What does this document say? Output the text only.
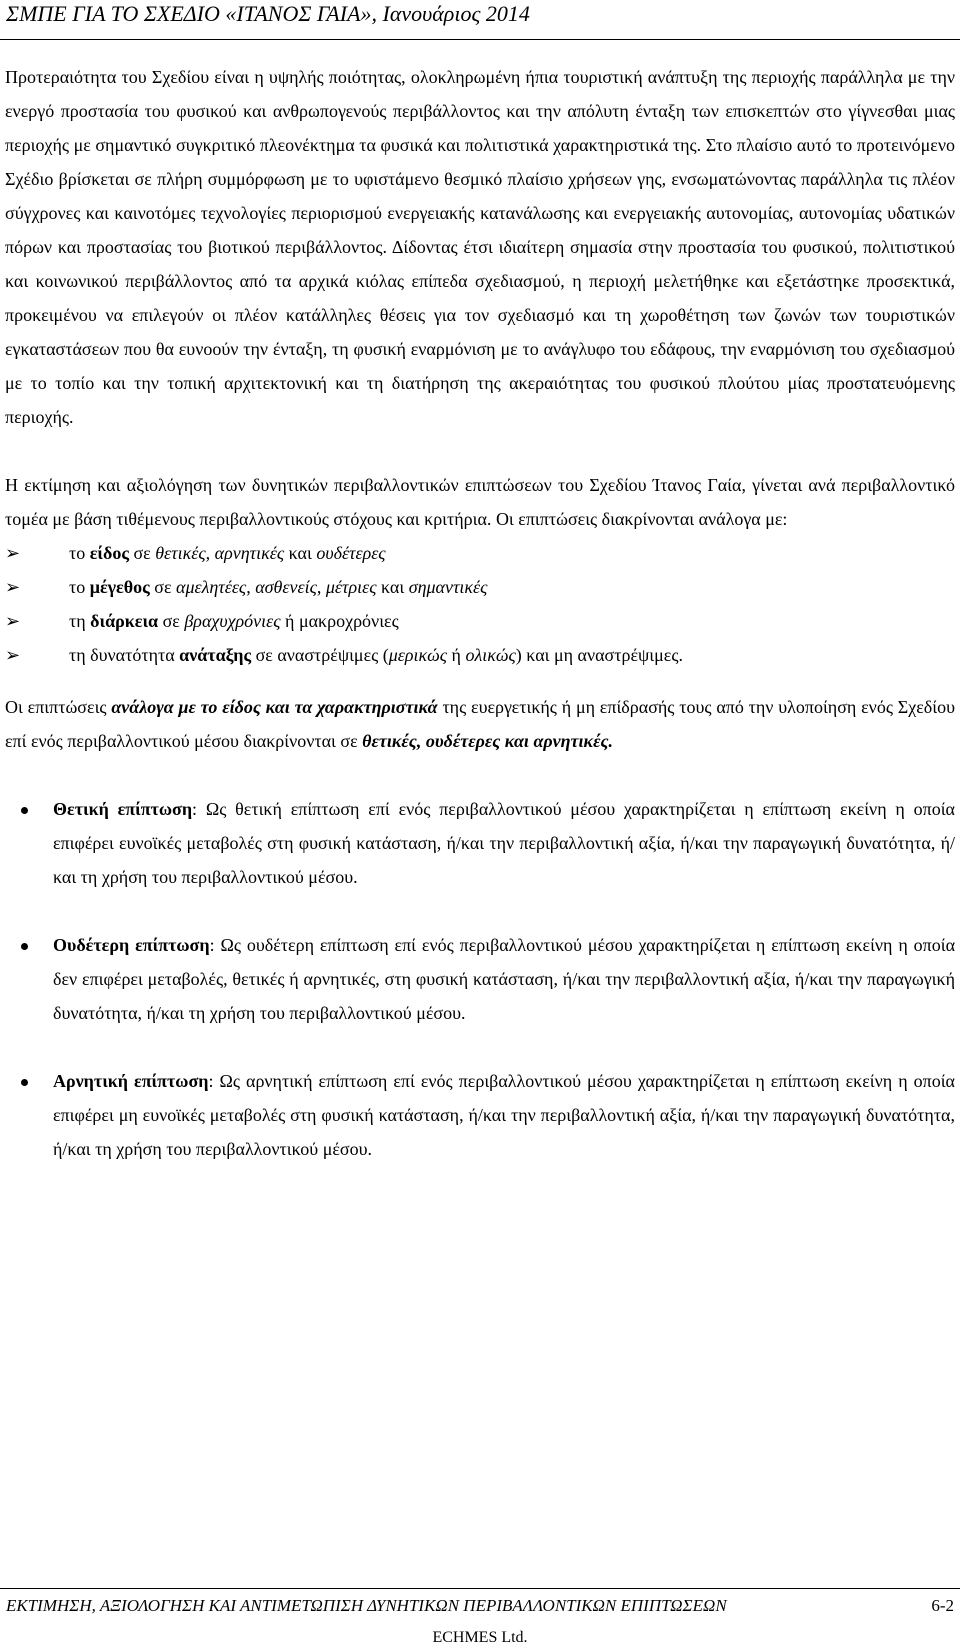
ΣΜΠΕ ΓΙΑ ΤΟ ΣΧΕΔΙΟ «ΙΤΑΝΟΣ ΓΑΙΑ», Ιανουάριος 2014

Προτεραιότητα του Σχεδίου είναι η υψηλής ποιότητας, ολοκληρωμένη ήπια τουριστική ανάπτυξη της περιοχής παράλληλα με την ενεργό προστασία του φυσικού και ανθρωπογενούς περιβάλλοντος και την απόλυτη ένταξη των επισκεπτών στο γίγνεσθαι μιας περιοχής με σημαντικό συγκριτικό πλεονέκτημα τα φυσικά και πολιτιστικά χαρακτηριστικά της. Στο πλαίσιο αυτό το προτεινόμενο Σχέδιο βρίσκεται σε πλήρη συμμόρφωση με το υφιστάμενο θεσμικό πλαίσιο χρήσεων γης, ενσωματώνοντας παράλληλα τις πλέον σύγχρονες και καινοτόμες τεχνολογίες περιορισμού ενεργειακής κατανάλωσης και ενεργειακής αυτονομίας, αυτονομίας υδατικών πόρων και προστασίας του βιοτικού περιβάλλοντος. Δίδοντας έτσι ιδιαίτερη σημασία στην προστασία του φυσικού, πολιτιστικού και κοινωνικού περιβάλλοντος από τα αρχικά κιόλας επίπεδα σχεδιασμού, η περιοχή μελετήθηκε και εξετάστηκε προσεκτικά, προκειμένου να επιλεγούν οι πλέον κατάλληλες θέσεις για τον σχεδιασμό και τη χωροθέτηση των ζωνών των τουριστικών εγκαταστάσεων που θα ευνοούν την ένταξη, τη φυσική εναρμόνιση με το ανάγλυφο του εδάφους, την εναρμόνιση του σχεδιασμού με το τοπίο και την τοπική αρχιτεκτονική και τη διατήρηση της ακεραιότητας του φυσικού πλούτου μίας προστατευόμενης περιοχής.

Η εκτίμηση και αξιολόγηση των δυνητικών περιβαλλοντικών επιπτώσεων του Σχεδίου Ίτανος Γαία, γίνεται ανά περιβαλλοντικό τομέα με βάση τιθέμενους περιβαλλοντικούς στόχους και κριτήρια. Οι επιπτώσεις διακρίνονται ανάλογα με:

➢	το είδος σε θετικές, αρνητικές και ουδέτερες
➢	το μέγεθος σε αμελητέες, ασθενείς, μέτριες και σημαντικές
➢	τη διάρκεια σε βραχυχρόνιες ή μακροχρόνιες
➢	τη δυνατότητα ανάταξης σε αναστρέψιμες (μερικώς ή ολικώς) και μη αναστρέψιμες.

Οι επιπτώσεις ανάλογα με το είδος και τα χαρακτηριστικά της ευεργετικής ή μη επίδρασής τους από την υλοποίηση ενός Σχεδίου επί ενός περιβαλλοντικού μέσου διακρίνονται σε θετικές, ουδέτερες και αρνητικές.

Θετική επίπτωση: Ως θετική επίπτωση επί ενός περιβαλλοντικού μέσου χαρακτηρίζεται η επίπτωση εκείνη η οποία επιφέρει ευνοϊκές μεταβολές στη φυσική κατάσταση, ή/και την περιβαλλοντική αξία, ή/και την παραγωγική δυνατότητα, ή/και τη χρήση του περιβαλλοντικού μέσου.
Ουδέτερη επίπτωση: Ως ουδέτερη επίπτωση επί ενός περιβαλλοντικού μέσου χαρακτηρίζεται η επίπτωση εκείνη η οποία δεν επιφέρει μεταβολές, θετικές ή αρνητικές, στη φυσική κατάσταση, ή/και την περιβαλλοντική αξία, ή/και την παραγωγική δυνατότητα, ή/και τη χρήση του περιβαλλοντικού μέσου.
Αρνητική επίπτωση: Ως αρνητική επίπτωση επί ενός περιβαλλοντικού μέσου χαρακτηρίζεται η επίπτωση εκείνη η οποία επιφέρει μη ευνοϊκές μεταβολές στη φυσική κατάσταση, ή/και την περιβαλλοντική αξία, ή/και την παραγωγική δυνατότητα, ή/και τη χρήση του περιβαλλοντικού μέσου.
ΕΚΤΙΜΗΣΗ, ΑΞΙΟΛΟΓΗΣΗ ΚΑΙ ΑΝΤΙΜΕΤΩΠΙΣΗ ΔΥΝΗΤΙΚΩΝ ΠΕΡΙΒΑΛΛΟΝΤΙΚΩΝ ΕΠΙΠΤΩΣΕΩΝ	6-2
ECHMES Ltd.
